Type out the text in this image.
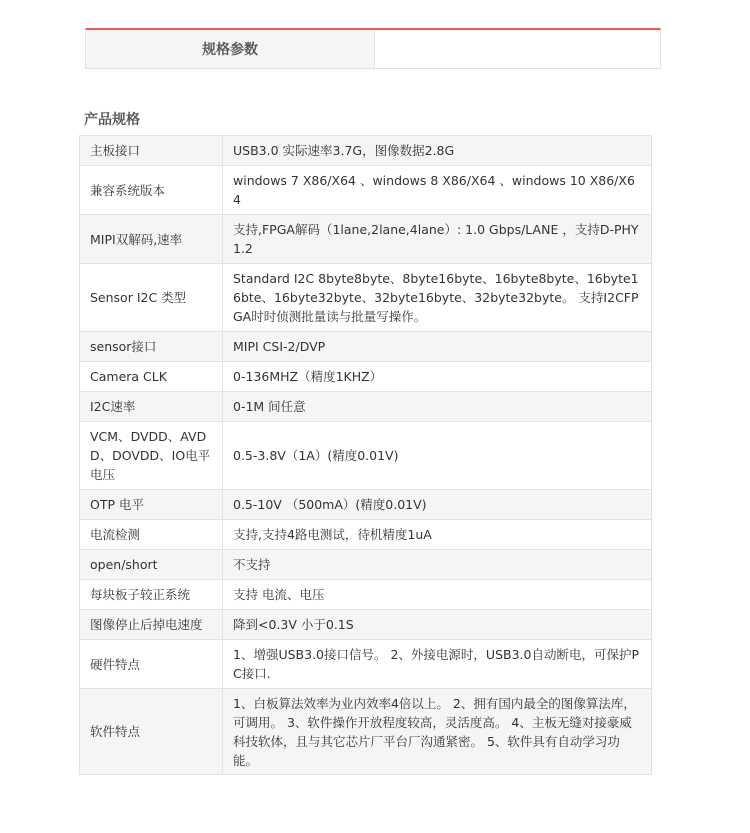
规格参数
产品规格
主板接口	USB3.0 实际速率3.7G，图像数据2.8G
兼容系统版本	windows 7 X86/X64 、windows 8 X86/X64 、windows 10 X86/X64
MIPI双解码,速率	支持,FPGA解码（1lane,2lane,4lane）: 1.0 Gbps/LANE ，支持D-PHY1.2
Sensor I2C 类型	Standard I2C 8byte8byte、8byte16byte、16byte8byte、16byte16bte、16byte32byte、32byte16byte、32byte32byte。 支持I2CFPGA时时侦测批量读与批量写操作。
sensor接口	MIPI CSI-2/DVP
Camera CLK	0-136MHZ（精度1KHZ）
I2C速率	0-1M 间任意
VCM、DVDD、AVDD、DOVDD、IO电平电压	0.5-3.8V（1A）(精度0.01V)
OTP 电平	0.5-10V （500mA）(精度0.01V)
电流检测	支持,支持4路电测试，待机精度1uA
open/short	不支持
每块板子较正系统	支持 电流、电压
图像停止后掉电速度	降到<0.3V 小于0.1S
硬件特点	1、增强USB3.0接口信号。 2、外接电源时，USB3.0自动断电，可保护PC接口.
软件特点	1、白板算法效率为业内效率4倍以上。 2、拥有国内最全的图像算法库，可调用。 3、软件操作开放程度较高，灵活度高。 4、主板无缝对接豪威科技软体，且与其它芯片厂平台厂沟通紧密。 5、软件具有自动学习功能。
